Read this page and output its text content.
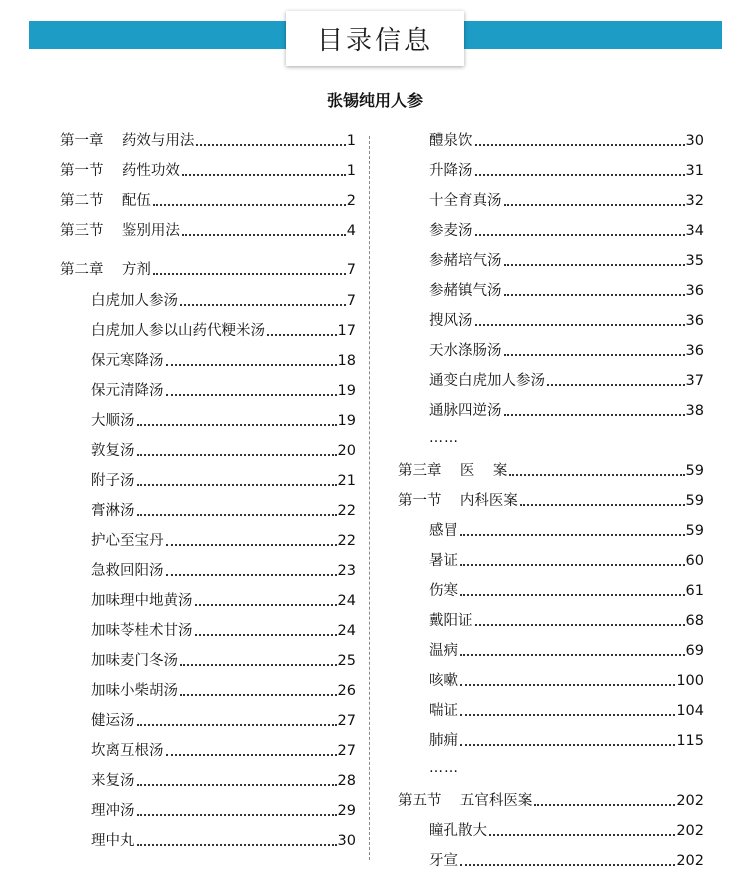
目录信息
张锡纯用人参
第一章    药效与用法	1
第一节    药性功效	1
第二节    配伍	2
第三节    鉴别用法	4
第二章    方剂	7
白虎加人参汤	7
白虎加人参以山药代粳米汤	17
保元寒降汤	18
保元清降汤	19
大顺汤	19
敦复汤	20
附子汤	21
膏淋汤	22
护心至宝丹	22
急救回阳汤	23
加味理中地黄汤	24
加味苓桂术甘汤	24
加味麦门冬汤	25
加味小柴胡汤	26
健运汤	27
坎离互根汤	27
来复汤	28
理冲汤	29
理中丸	30
醴泉饮	30
升降汤	31
十全育真汤	32
参麦汤	34
参赭培气汤	35
参赭镇气汤	36
搜风汤	36
天水涤肠汤	36
通变白虎加人参汤	37
通脉四逆汤	38
第三章    医    案	59
第一节    内科医案	59
感冒	59
暑证	60
伤寒	61
戴阳证	68
温病	69
咳嗽	100
喘证	104
肺痈	115
第五节    五官科医案	202
瞳孔散大	202
牙宣	202
……
……
